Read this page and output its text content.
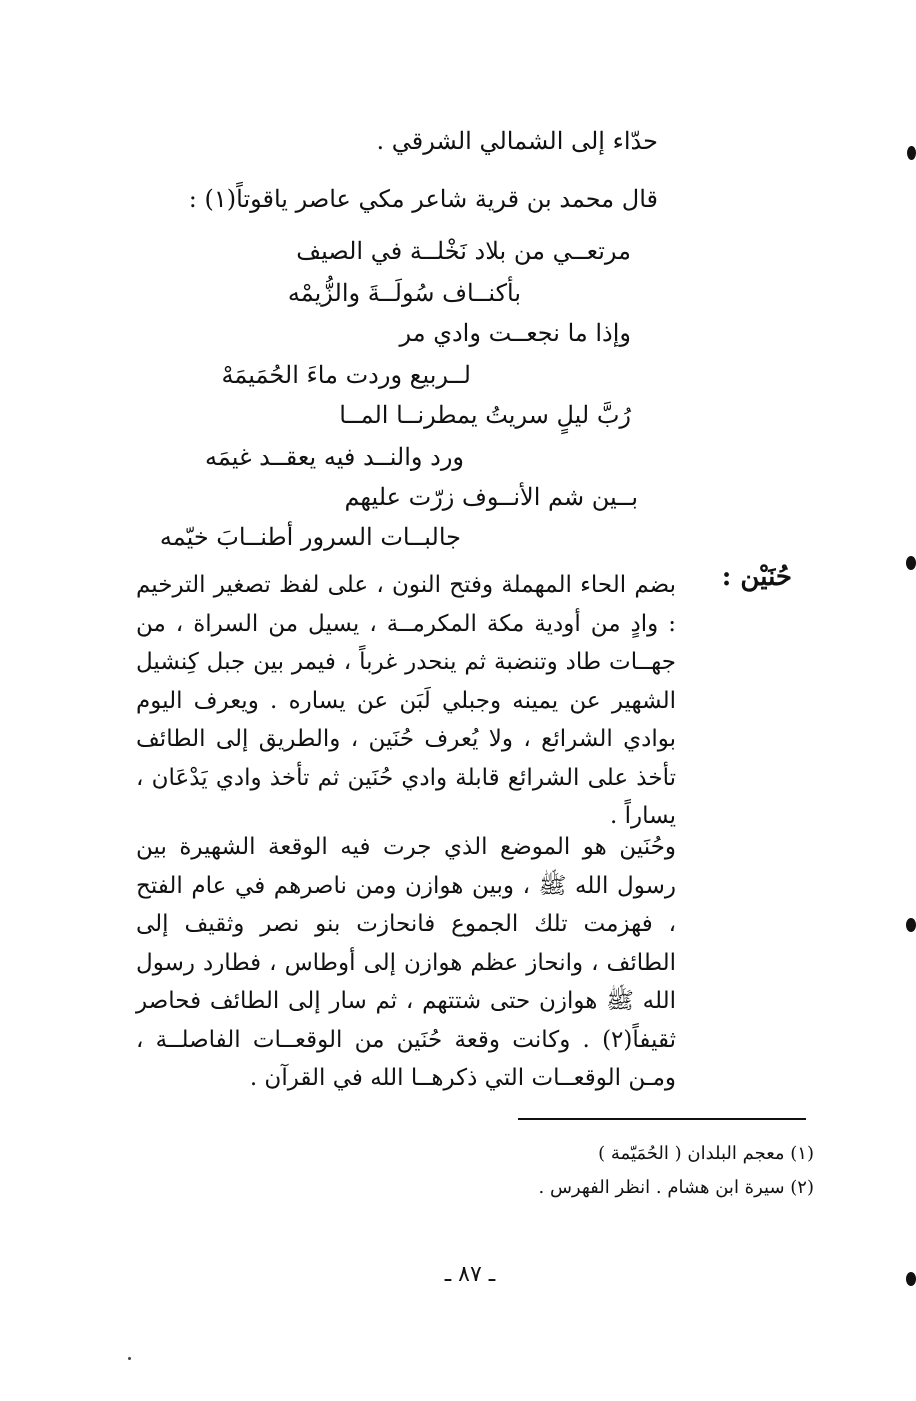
حدّاء إلى الشمالي الشرقي .
قال محمد بن قرية شاعر مكي عاصر ياقوتاً(١) :
مرتعــي من بلاد نَخْلــة في الصيف
بأكنــاف سُولَــةَ والزُّيمْه
وإذا ما نجعــت وادي مر
لــربيع وردت ماءَ الحُمَيمَهْ
رُبَّ ليلٍ سريتُ يمطرنــا المــا
ورد والنــد فيه يعقــد غيمَه
بــين شم الأنــوف زرّت عليهم
جالبــات السرور أطنــابَ خيّمه
حُنَيْن :
بضم الحاء المهملة وفتح النون ، على لفظ تصغير الترخيم : وادٍ من أودية مكة المكرمــة ، يسيل من السراة ، من جهــات طاد وتنضبة ثم ينحدر غرباً ، فيمر بين جبل كِنشيل الشهير عن يمينه وجبلي لَبَن عن يساره . ويعرف اليوم بوادي الشرائع ، ولا يُعرف حُنَين ، والطريق إلى الطائف تأخذ على الشرائع قابلة وادي حُنَين ثم تأخذ وادي يَدْعَان ، يساراً .
وحُنَين هو الموضع الذي جرت فيه الوقعة الشهيرة بين رسول الله ﷺ ، وبين هوازن ومن ناصرهم في عام الفتح ، فهزمت تلك الجموع فانحازت بنو نصر وثقيف إلى الطائف ، وانحاز عظم هوازن إلى أوطاس ، فطارد رسول الله ﷺ هوازن حتى شتتهم ، ثم سار إلى الطائف فحاصر ثقيفاً(٢) . وكانت وقعة حُنَين من الوقعــات الفاصلــة ، ومـن الوقعــات التي ذكرهــا الله في القرآن .
(١) معجم البلدان ( الحُمَيّمة )
(٢) سيرة ابن هشام . انظر الفهرس .
ـ ٨٧ ـ
